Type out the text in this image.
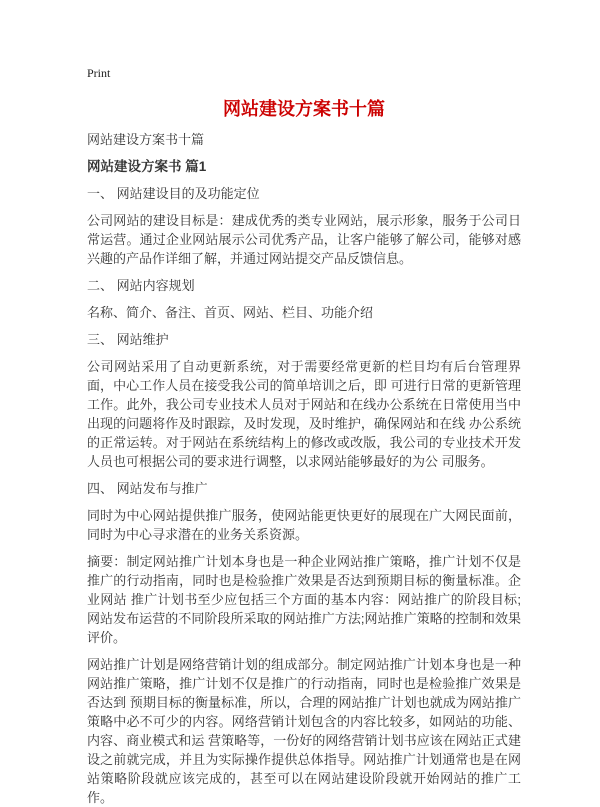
Print
网站建设方案书十篇

网站建设方案书十篇

网站建设方案书 篇1
一、 网站建设目的及功能定位

公司网站的建设目标是：建成优秀的类专业网站，展示形象，服务于公司日常运营。通过企业网站展示公司优秀产品，让客户能够了解公司，能够对感兴趣的产品作详细了解，并通过网站提交产品反馈信息。

二、 网站内容规划

名称、简介、备注、首页、网站、栏目、功能介绍

三、 网站维护

公司网站采用了自动更新系统，对于需要经常更新的栏目均有后台管理界面，中心工作人员在接受我公司的简单培训之后，即 可进行日常的更新管理工作。此外，我公司专业技术人员对于网站和在线办公系统在日常使用当中出现的问题将作及时跟踪，及时发现，及时维护，确保网站和在线 办公系统的正常运转。对于网站在系统结构上的修改或改版，我公司的专业技术开发人员也可根据公司的要求进行调整，以求网站能够最好的为公 司服务。

四、 网站发布与推广

同时为中心网站提供推广服务，使网站能更快更好的展现在广大网民面前，同时为中心寻求潜在的业务关系资源。

摘要：制定网站推广计划本身也是一种企业网站推广策略，推广计划不仅是推广的行动指南，同时也是检验推广效果是否达到预期目标的衡量标准。企业网站 推广计划书至少应包括三个方面的基本内容：网站推广的阶段目标;网站发布运营的不同阶段所采取的网站推广方法;网站推广策略的控制和效果评价。

网站推广计划是网络营销计划的组成部分。制定网站推广计划本身也是一种网站推广策略，推广计划不仅是推广的行动指南，同时也是检验推广效果是否达到 预期目标的衡量标准，所以，合理的网站推广计划也就成为网站推广策略中必不可少的内容。网络营销计划包含的内容比较多，如网站的功能、内容、商业模式和运 营策略等，一份好的网络营销计划书应该在网站正式建设之前就完成，并且为实际操作提供总体指导。网站推广计划通常也是在网站策略阶段就应该完成的，甚至可以在网站建设阶段就开始网站的推广工作。
